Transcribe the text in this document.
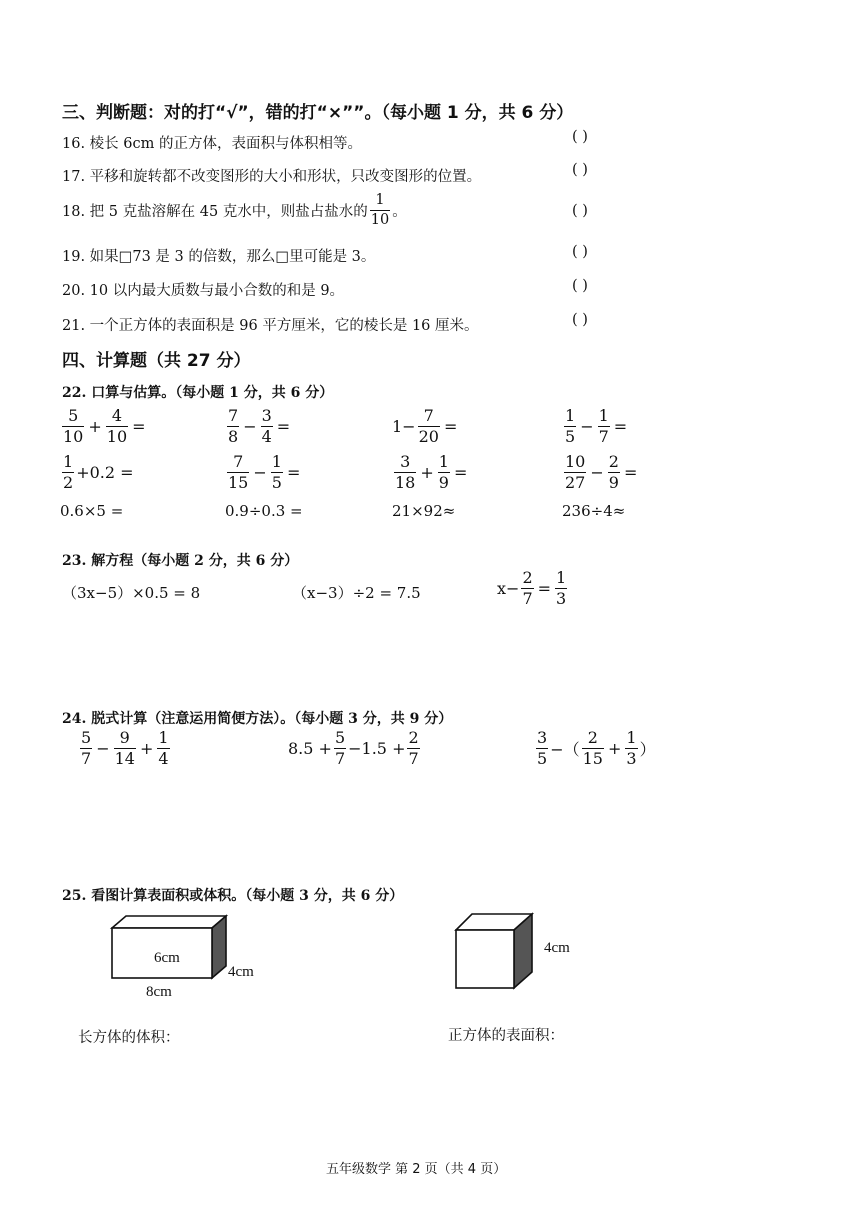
三、判断题：对的打“√”，错的打“×””。（每小题 1 分，共 6 分）
16. 棱长 6cm 的正方体，表面积与体积相等。	( )
17. 平移和旋转都不改变图形的大小和形状，只改变图形的位置。	( )
18. 把 5 克盐溶解在 45 克水中，则盐占盐水的 $\frac{1}{10}$ 。	( )
19. 如果□73 是 3 的倍数，那么□里可能是 3。	( )
20. 10 以内最大质数与最小合数的和是 9。	( )
21. 一个正方体的表面积是 96 平方厘米，它的棱长是 16 厘米。	( )
四、计算题（共 27 分）
22. 口算与估算。（每小题 1 分，共 6 分）
$\frac{5}{10} + \frac{4}{10}$ =	$\frac{7}{8} - \frac{3}{4}$ =	$1- \frac{7}{20}$ =	$\frac{1}{5} - \frac{1}{7}$ =
$\frac{1}{2} +0.2$ =	$\frac{7}{15} - \frac{1}{5}$ =	$\frac{3}{18} + \frac{1}{9}$ =	$\frac{10}{27} - \frac{2}{9}$ =
0.6×5 =	0.9÷0.3 =	21×92≈	236÷4≈
23. 解方程（每小题 2 分，共 6 分）
（3x−5）×0.5 = 8	（x−3）÷2 = 7.5	$x- \frac{2}{7} = \frac{1}{3}$
24. 脱式计算（注意运用简便方法）。（每小题 3 分，共 9 分）
$\frac{5}{7} - \frac{9}{14} + \frac{1}{4}$	$8.5 + \frac{5}{7} -1.5 + \frac{2}{7}$	$\frac{3}{5}$ −（ $\frac{2}{15} + \frac{1}{3}$ ）
25. 看图计算表面积或体积。（每小题 3 分，共 6 分）
6cm
4cm
8cm
4cm
长方体的体积：	正方体的表面积：
五年级数学 第 2 页（共 4 页）
